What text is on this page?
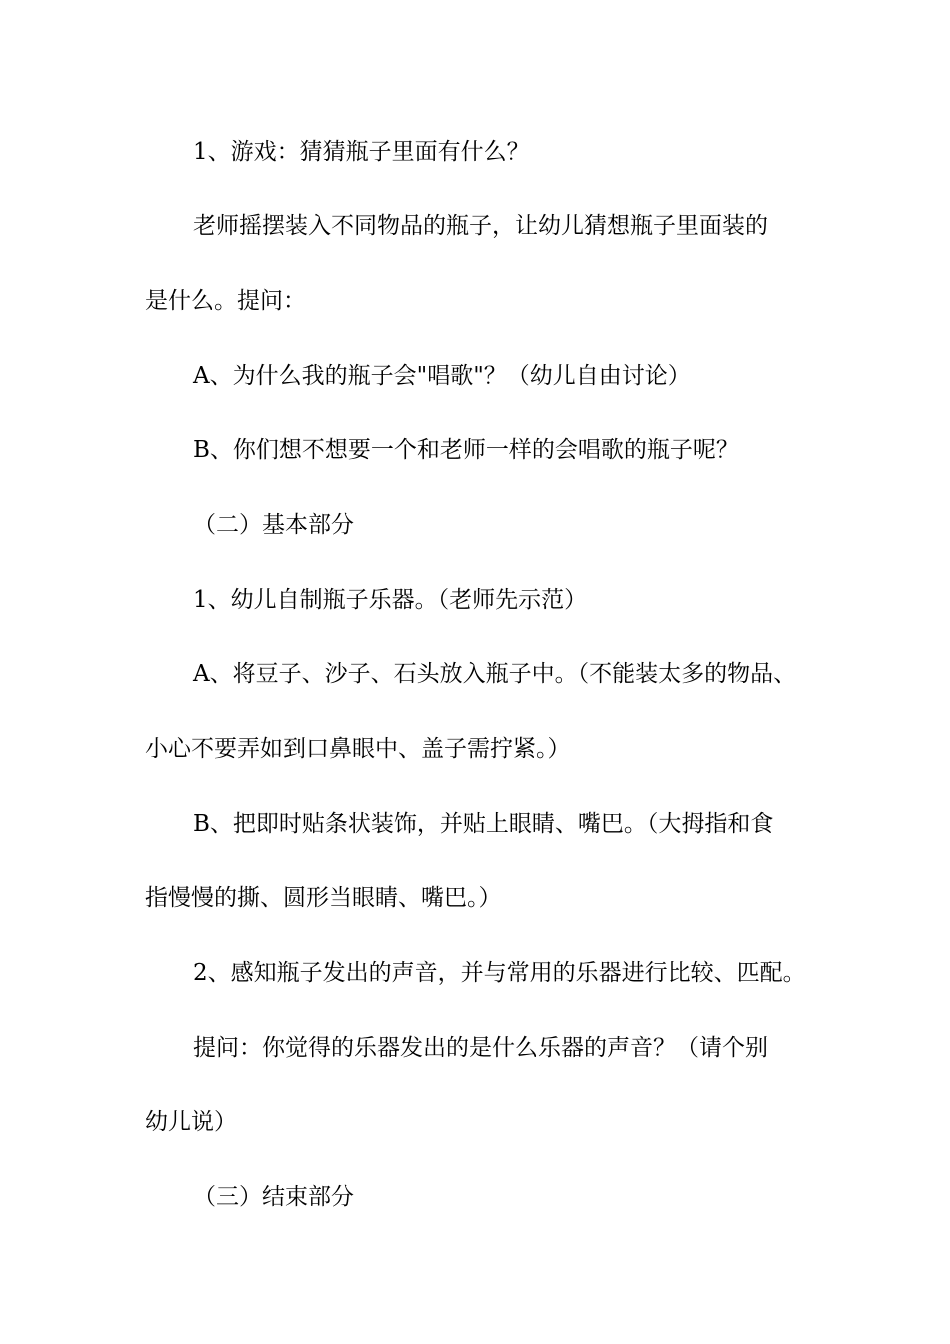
1、游戏：猜猜瓶子里面有什么？

老师摇摆装入不同物品的瓶子，让幼儿猜想瓶子里面装的

是什么。提问：

A、为什么我的瓶子会"唱歌"？（幼儿自由讨论）

B、你们想不想要一个和老师一样的会唱歌的瓶子呢？

（二）基本部分

1、幼儿自制瓶子乐器。（老师先示范）

A、将豆子、沙子、石头放入瓶子中。（不能装太多的物品、

小心不要弄如到口鼻眼中、盖子需拧紧。）

B、把即时贴条状装饰，并贴上眼睛、嘴巴。（大拇指和食

指慢慢的撕、圆形当眼睛、嘴巴。）

2、感知瓶子发出的声音，并与常用的乐器进行比较、匹配。

提问：你觉得的乐器发出的是什么乐器的声音？（请个别

幼儿说）

（三）结束部分
